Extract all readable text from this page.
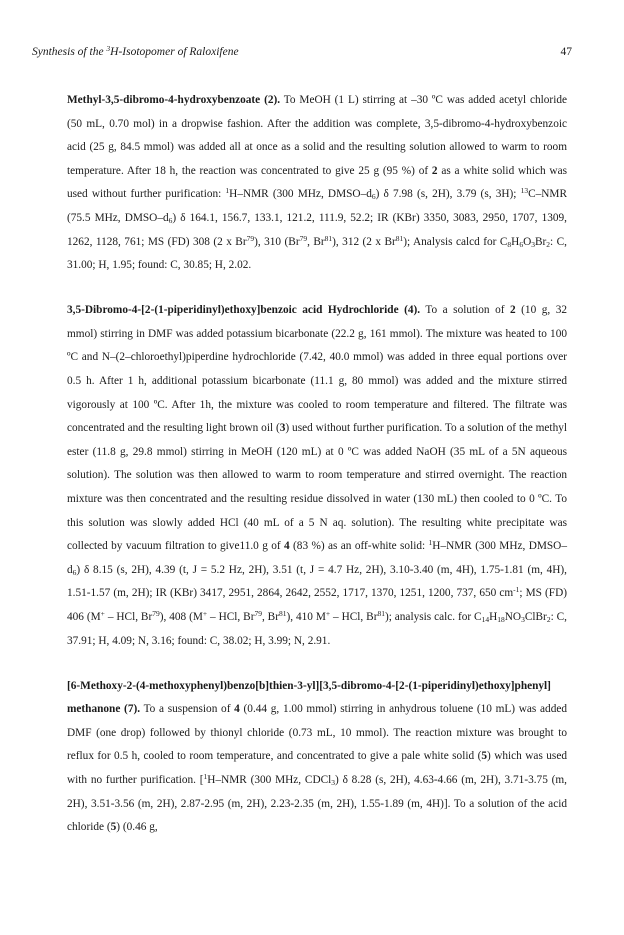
Synthesis of the $^3$H-Isotopomer of Raloxifene	47

Methyl-3,5-dibromo-4-hydroxybenzoate (2). To MeOH (1 L) stirring at –30 ºC was added acetyl chloride (50 mL, 0.70 mol) in a dropwise fashion. After the addition was complete, 3,5-dibromo-4-hydroxybenzoic acid (25 g, 84.5 mmol) was added all at once as a solid and the resulting solution allowed to warm to room temperature. After 18 h, the reaction was concentrated to give 25 g (95 %) of 2 as a white solid which was used without further purification: $^1$H–NMR (300 MHz, DMSO–$d_6$) δ 7.98 (s, 2H), 3.79 (s, 3H); $^{13}$C–NMR (75.5 MHz, DMSO–$d_6$) δ 164.1, 156.7, 133.1, 121.2, 111.9, 52.2; IR (KBr) 3350, 3083, 2950, 1707, 1309, 1262, 1128, 761; MS (FD) 308 (2 x Br$^{79}$), 310 (Br$^{79}$, Br$^{81}$), 312 (2 x Br$^{81}$); Analysis calcd for $C_8H_6O_3Br_2$: C, 31.00; H, 1.95; found: C, 30.85; H, 2.02.

3,5-Dibromo-4-[2-(1-piperidinyl)ethoxy]benzoic acid Hydrochloride (4). To a solution of 2 (10 g, 32 mmol) stirring in DMF was added potassium bicarbonate (22.2 g, 161 mmol). The mixture was heated to 100 ºC and N–(2–chloroethyl)piperdine hydrochloride (7.42, 40.0 mmol) was added in three equal portions over 0.5 h. After 1 h, additional potassium bicarbonate (11.1 g, 80 mmol) was added and the mixture stirred vigorously at 100 ºC. After 1h, the mixture was cooled to room temperature and filtered. The filtrate was concentrated and the resulting light brown oil (3) used without further purification. To a solution of the methyl ester (11.8 g, 29.8 mmol) stirring in MeOH (120 mL) at 0 ºC was added NaOH (35 mL of a 5N aqueous solution). The solution was then allowed to warm to room temperature and stirred overnight. The reaction mixture was then concentrated and the resulting residue dissolved in water (130 mL) then cooled to 0 ºC. To this solution was slowly added HCl (40 mL of a 5 N aq. solution). The resulting white precipitate was collected by vacuum filtration to give11.0 g of 4 (83 %) as an off-white solid: $^1$H–NMR (300 MHz, DMSO–$d_6$) δ 8.15 (s, 2H), 4.39 (t, J = 5.2 Hz, 2H), 3.51 (t, J = 4.7 Hz, 2H), 3.10-3.40 (m, 4H), 1.75-1.81 (m, 4H), 1.51-1.57 (m, 2H); IR (KBr) 3417, 2951, 2864, 2642, 2552, 1717, 1370, 1251, 1200, 737, 650 $cm^{-1}$; MS (FD) 406 (M+ – HCl, Br$^{79}$), 408 (M+ – HCl, Br$^{79}$, Br$^{81}$), 410 M+ – HCl, Br$^{81}$); analysis calc. for $C_{14}H_{18}NO_3ClBr_2$: C, 37.91; H, 4.09; N, 3.16; found: C, 38.02; H, 3.99; N, 2.91.

[6-Methoxy-2-(4-methoxyphenyl)benzo[b]thien-3-yl][3,5-dibromo-4-[2-(1-piperidinyl)ethoxy]phenyl] methanone (7). To a suspension of 4 (0.44 g, 1.00 mmol) stirring in anhydrous toluene (10 mL) was added DMF (one drop) followed by thionyl chloride (0.73 mL, 10 mmol). The reaction mixture was brought to reflux for 0.5 h, cooled to room temperature, and concentrated to give a pale white solid (5) which was used with no further purification. [$^1$H–NMR (300 MHz, CDCl$_3$) δ 8.28 (s, 2H), 4.63-4.66 (m, 2H), 3.71-3.75 (m, 2H), 3.51-3.56 (m, 2H), 2.87-2.95 (m, 2H), 2.23-2.35 (m, 2H), 1.55-1.89 (m, 4H)]. To a solution of the acid chloride (5) (0.46 g,
